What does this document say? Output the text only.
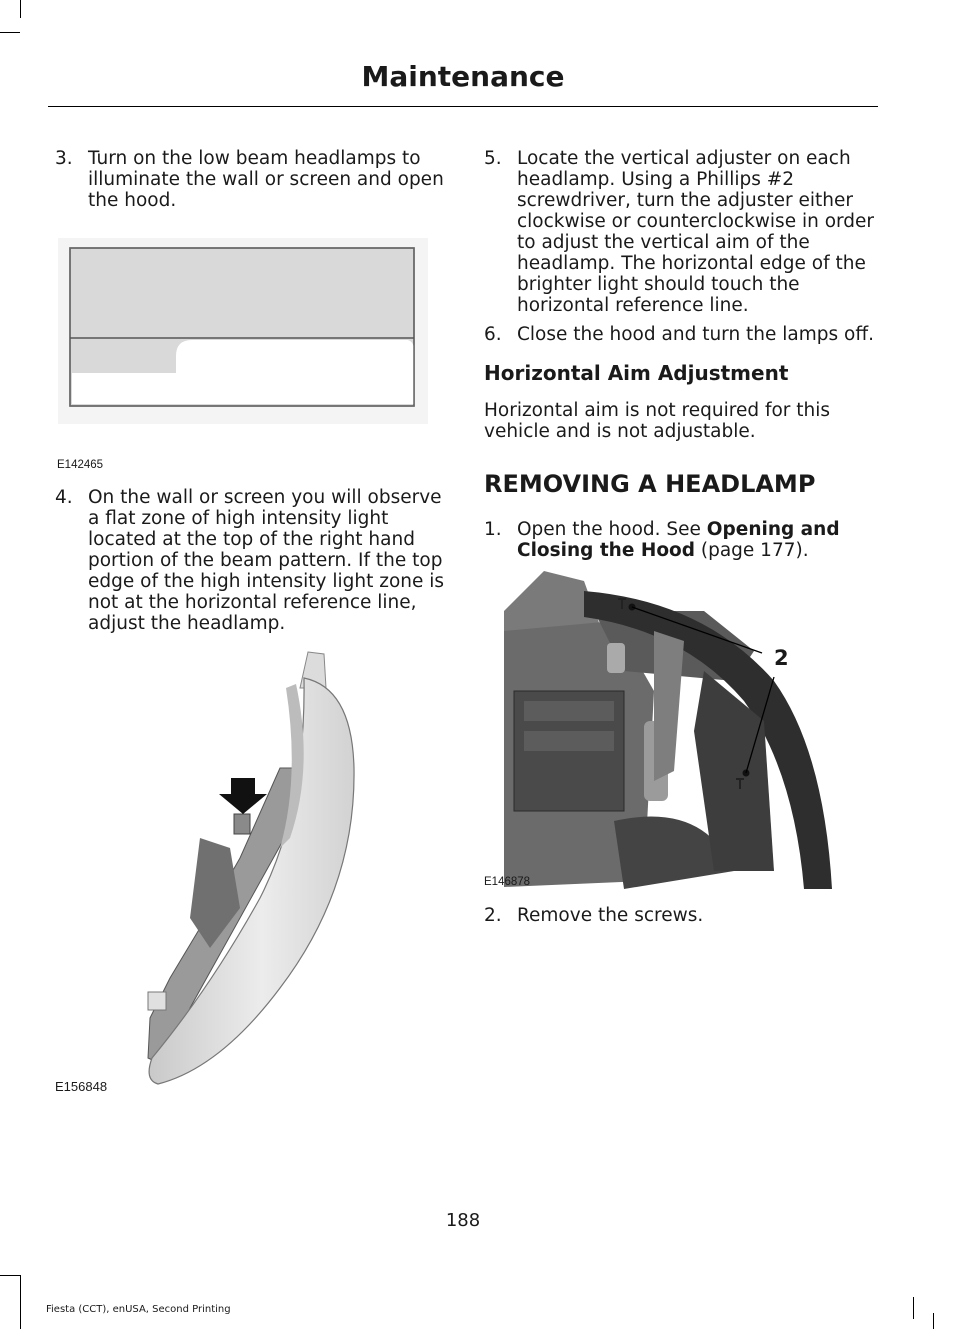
Maintenance
3. Turn on the low beam headlamps to illuminate the wall or screen and open the hood.
E142465
4. On the wall or screen you will observe a flat zone of high intensity light located at the top of the right hand portion of the beam pattern. If the top edge of the high intensity light zone is not at the horizontal reference line, adjust the headlamp.
E156848
5. Locate the vertical adjuster on each headlamp. Using a Phillips #2 screwdriver, turn the adjuster either clockwise or counterclockwise in order to adjust the vertical aim of the headlamp. The horizontal edge of the brighter light should touch the horizontal reference line.
6. Close the hood and turn the lamps off.
Horizontal Aim Adjustment
Horizontal aim is not required for this vehicle and is not adjustable.
REMOVING A HEADLAMP
1. Open the hood. See Opening and Closing the Hood (page 177).
2
E146878
2. Remove the screws.
188
Fiesta (CCT), enUSA, Second Printing
